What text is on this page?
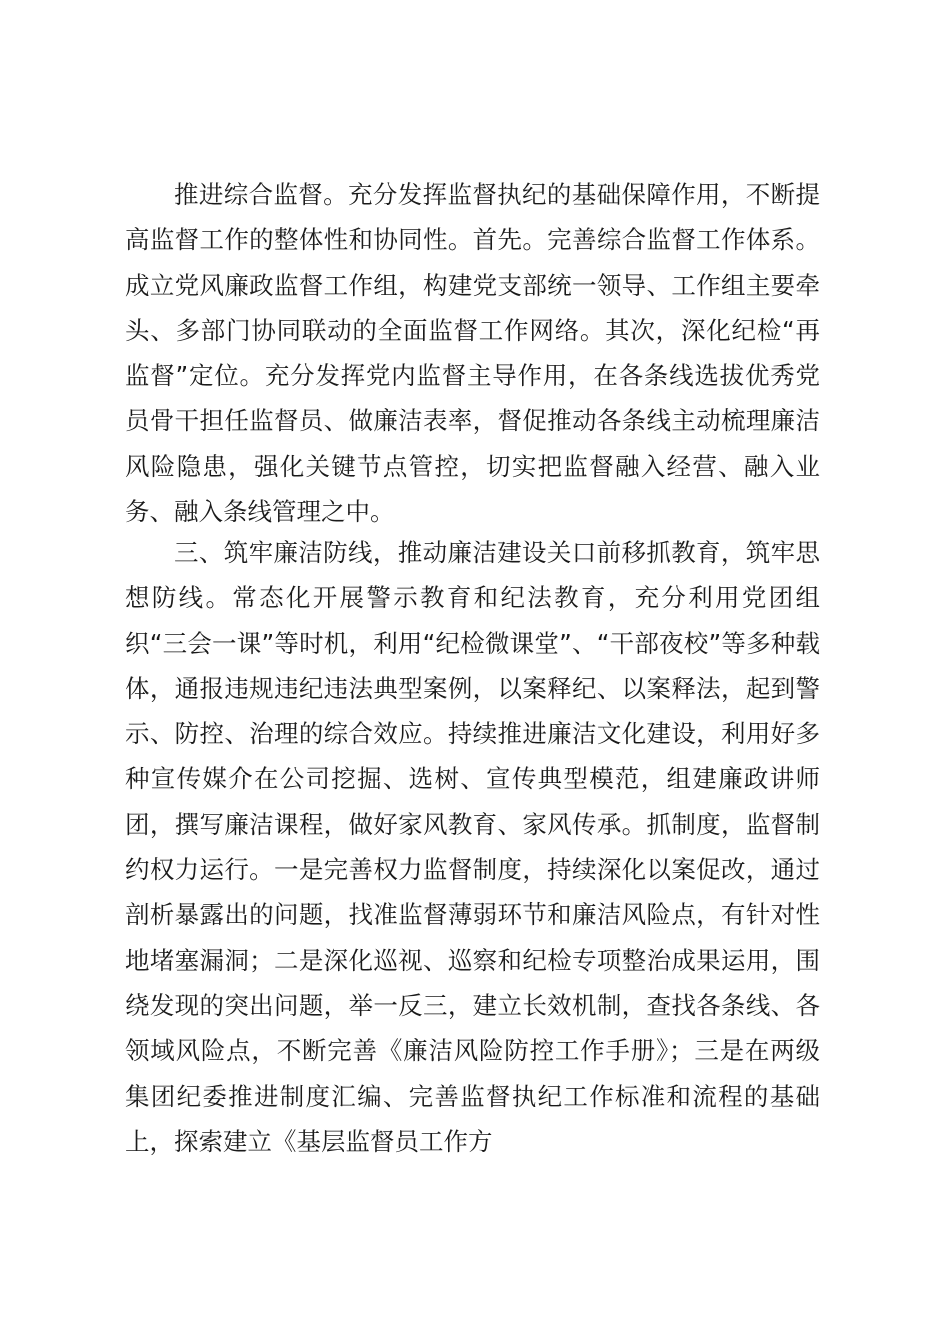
推进综合监督。充分发挥监督执纪的基础保障作用，不断提高监督工作的整体性和协同性。首先。完善综合监督工作体系。成立党风廉政监督工作组，构建党支部统一领导、工作组主要牵头、多部门协同联动的全面监督工作网络。其次，深化纪检“再监督”定位。充分发挥党内监督主导作用，在各条线选拔优秀党员骨干担任监督员、做廉洁表率，督促推动各条线主动梳理廉洁风险隐患，强化关键节点管控，切实把监督融入经营、融入业务、融入条线管理之中。

三、筑牢廉洁防线，推动廉洁建设关口前移抓教育，筑牢思想防线。常态化开展警示教育和纪法教育，充分利用党团组织“三会一课”等时机，利用“纪检微课堂”、“干部夜校”等多种载体，通报违规违纪违法典型案例，以案释纪、以案释法，起到警示、防控、治理的综合效应。持续推进廉洁文化建设，利用好多种宣传媒介在公司挖掘、选树、宣传典型模范，组建廉政讲师团，撰写廉洁课程，做好家风教育、家风传承。抓制度，监督制约权力运行。一是完善权力监督制度，持续深化以案促改，通过剖析暴露出的问题，找准监督薄弱环节和廉洁风险点，有针对性地堵塞漏洞；二是深化巡视、巡察和纪检专项整治成果运用，围绕发现的突出问题，举一反三，建立长效机制，查找各条线、各领域风险点，不断完善《廉洁风险防控工作手册》；三是在两级集团纪委推进制度汇编、完善监督执纪工作标准和流程的基础上，探索建立《基层监督员工作方
